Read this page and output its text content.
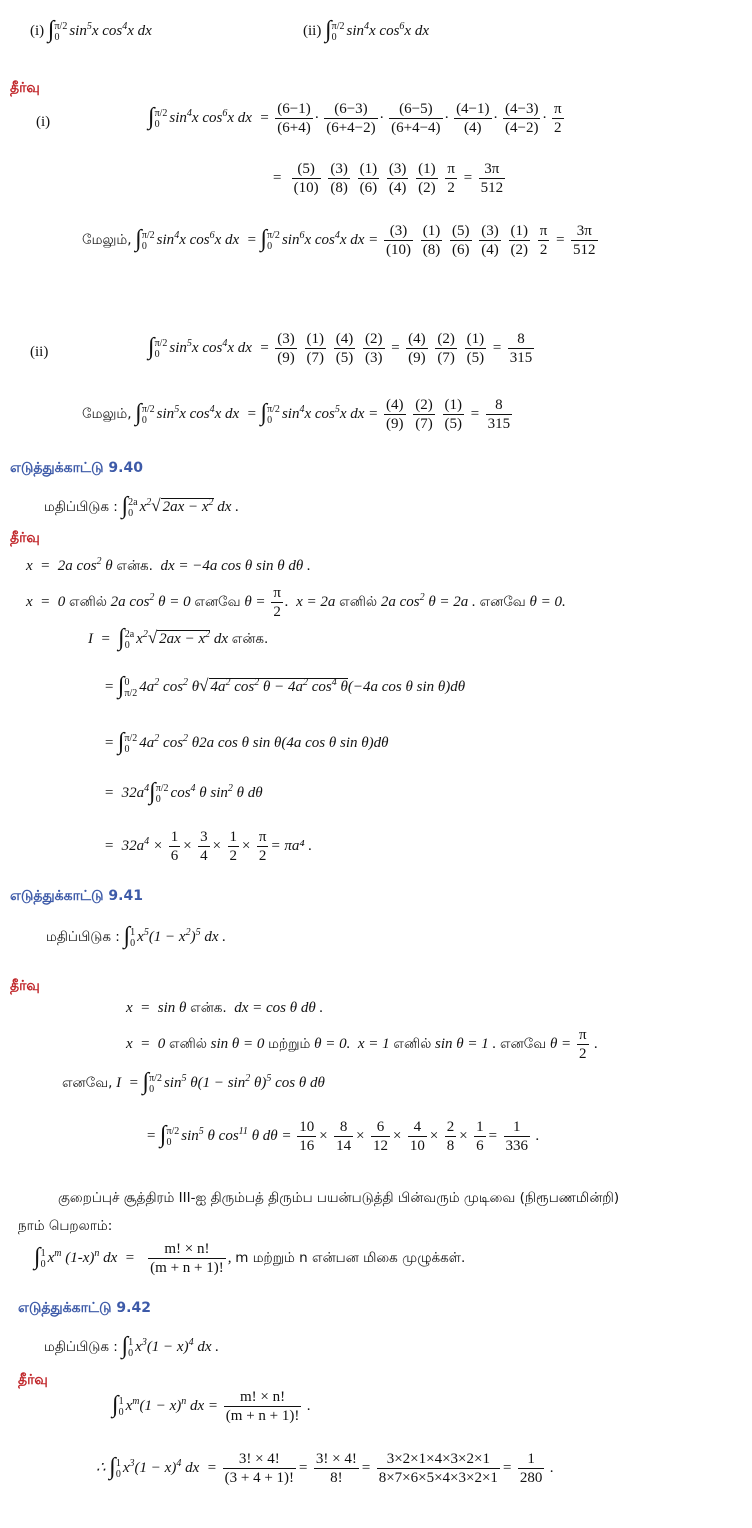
(i) ∫ π/2
0 $\sin^5x$ $\cos^4x$ dx	(ii) ∫ π/2
0 $\sin^4x$ $\cos^6x$ dx
தீர்வு
(i)	∫ π/2
0 $\sin^4x$ $\cos^6x$ dx  = $\frac{(6-1)}{(6+4)} \cdot \frac{(6-3)}{(6+4-2)} \cdot \frac{(6-5)}{(6+4-4)} \cdot \frac{(4-1)}{(4)} \cdot \frac{(4-3)}{(4-2)} \cdot \frac{\pi}{2}$
= $\frac{(5)}{(10)}$
$\frac{(3)}{(8)}$
$\frac{(1)}{(6)}$
$\frac{(3)}{(4)}$
$\frac{(1)}{(2)}$
$\frac{\pi}{2} = \frac{3\pi}{512}$
மேலும், ∫ π/2
0 $\sin^4x$ $\cos^6x$ dx  = ∫ π/2
0 $\sin^6x$ $\cos^4x$ dx = $\frac{(3)}{(10)}$
$\frac{(1)}{(8)}$
$\frac{(5)}{(6)}$
$\frac{(3)}{(4)}$
$\frac{(1)}{(2)}$
$\frac{\pi}{2} = \frac{3\pi}{512}$
(ii)	∫ π/2
0 $\sin^5x$ $\cos^4x$ dx  = $\frac{(3)}{(9)}$
$\frac{(1)}{(7)}$
$\frac{(4)}{(5)}$
$\frac{(2)}{(3)} = \frac{(4)}{(9)}$
$\frac{(2)}{(7)}$
$\frac{(1)}{(5)} = \frac{8}{315}$
மேலும், ∫ π/2
0 $\sin^5x$ $\cos^4x$ dx  = ∫ π/2
0 $\sin^4x$ $\cos^5x$ dx = $\frac{(4)}{(9)}$
$\frac{(2)}{(7)}$
$\frac{(1)}{(5)} = \frac{8}{315}$
எடுத்துக்காட்டு 9.40
மதிப்பிடுக : ∫ 2a
0 $x^2√$ $2ax - x^2$ dx .
தீர்வு
x  =  2a $\cos^2 \theta$ என்க.  dx = −4a cos θ sin θ dθ .
x  =  0 எனில் 2a $\cos^2 \theta = 0$ எனவே $\theta = \frac{\pi}{2}$ .  x = 2a எனில் 2a $\cos^2 \theta = 2a$ . எனவே θ = 0.
I  =  ∫ 2a
0 $x^2√$ $2ax - x^2$ dx என்க.
= ∫ 0
π/2 $4a^2$ $\cos^2 \theta√$ $4a^2$ $\cos^2 \theta - 4a^2$ $\cos^4 \theta(-4a$ cos θ sin θ)dθ
= ∫ π/2
0 $4a^2$ $\cos^2 \theta 2a$ cos θ sin θ(4a cos θ sin θ)dθ
=  $32a^4\int$ π/2
0 $\cos^4 \theta$ $\sin^2 \theta$ dθ
=  $32a^4 \times \frac{1}{6} \times \frac{3}{4} \times \frac{1}{2} \times \frac{\pi}{2} = \pi a^4$ .
எடுத்துக்காட்டு 9.41
மதிப்பிடுக : ∫ 1
0 $x^5(1 - x^2)^5$ dx .
தீர்வு
x  =  sin θ என்க.  dx = cos θ dθ .
x  =  0 எனில் sin θ = 0 மற்றும் θ = 0.  x = 1 எனில் sin θ = 1 . எனவே $\theta = \frac{\pi}{2}$ .
எனவே, I  = ∫ π/2
0 $\sin^5 \theta(1 - \sin^2 \theta)^5$ cos θ dθ
= ∫ π/2
0 $\sin^5 \theta$ $\cos^{11} \theta$ $d\theta = \frac{10}{16} \times \frac{8}{14} \times \frac{6}{12} \times \frac{4}{10} \times \frac{2}{8} \times \frac{1}{6} = \frac{1}{336}$ .
குறைப்புச் சூத்திரம் III-ஐ திரும்பத் திரும்ப பயன்படுத்தி பின்வரும் முடிவை (நிரூபணமின்றி)
நாம் பெறலாம்:
∫ 1
0 $x^m$ $(1-x)^n$ dx  = $\frac{m! \times n!}{(m + n + 1)!}$ , m மற்றும் n என்பன மிகை முழுக்கள்.
எடுத்துக்காட்டு 9.42
மதிப்பிடுக : ∫ 1
0 $x^3(1 - x)^4$ dx .
தீர்வு
∫ 1
0 $x^m(1 - x)^n$ dx = $\frac{m! \times n!}{(m + n + 1)!}$ .
∴ ∫ 1
0 $x^3(1 - x)^4$ dx  = $\frac{3! \times 4!}{(3 + 4 + 1)!} = \frac{3! \times 4!}{8!} = \frac{3\times 2\times 1\times 4\times 3\times 2\times 1}{8\times 7\times 6\times 5\times 4\times 3\times 2\times 1} = \frac{1}{280}$ .
